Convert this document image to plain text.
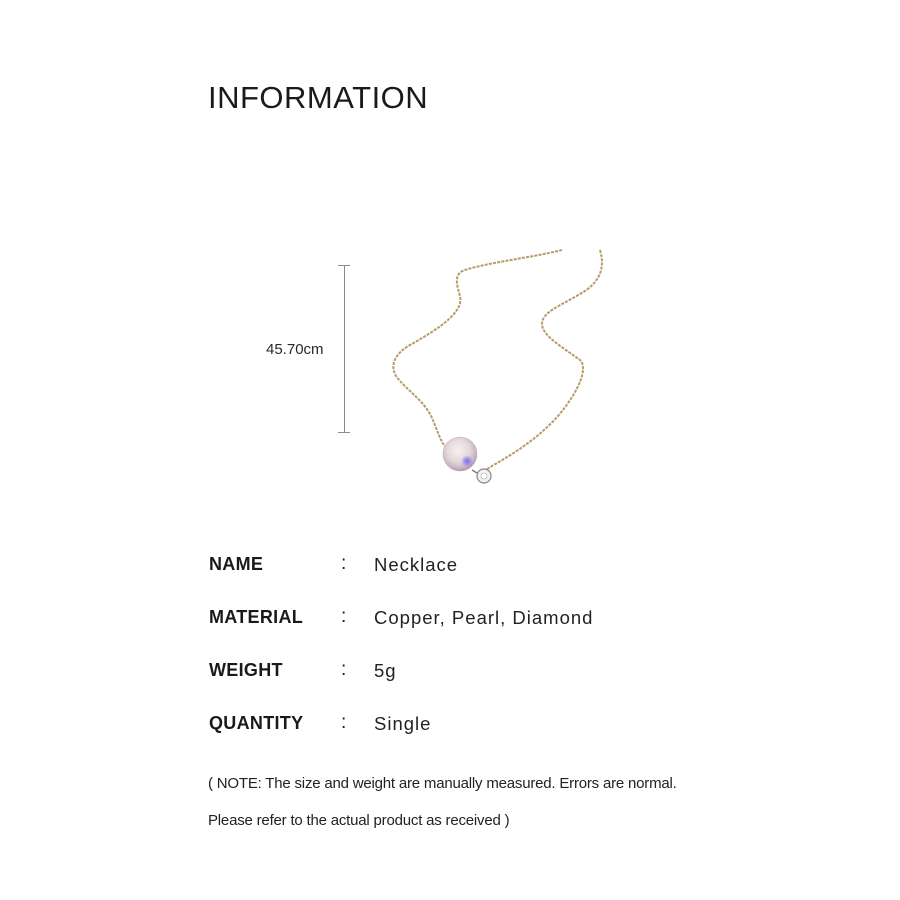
INFORMATION
45.70cm
NAME	: Necklace
MATERIAL : Copper, Pearl, Diamond
WEIGHT	: 5g
QUANTITY : Single
( NOTE: The size and weight are manually measured. Errors are normal.
Please refer to the actual product as received )
